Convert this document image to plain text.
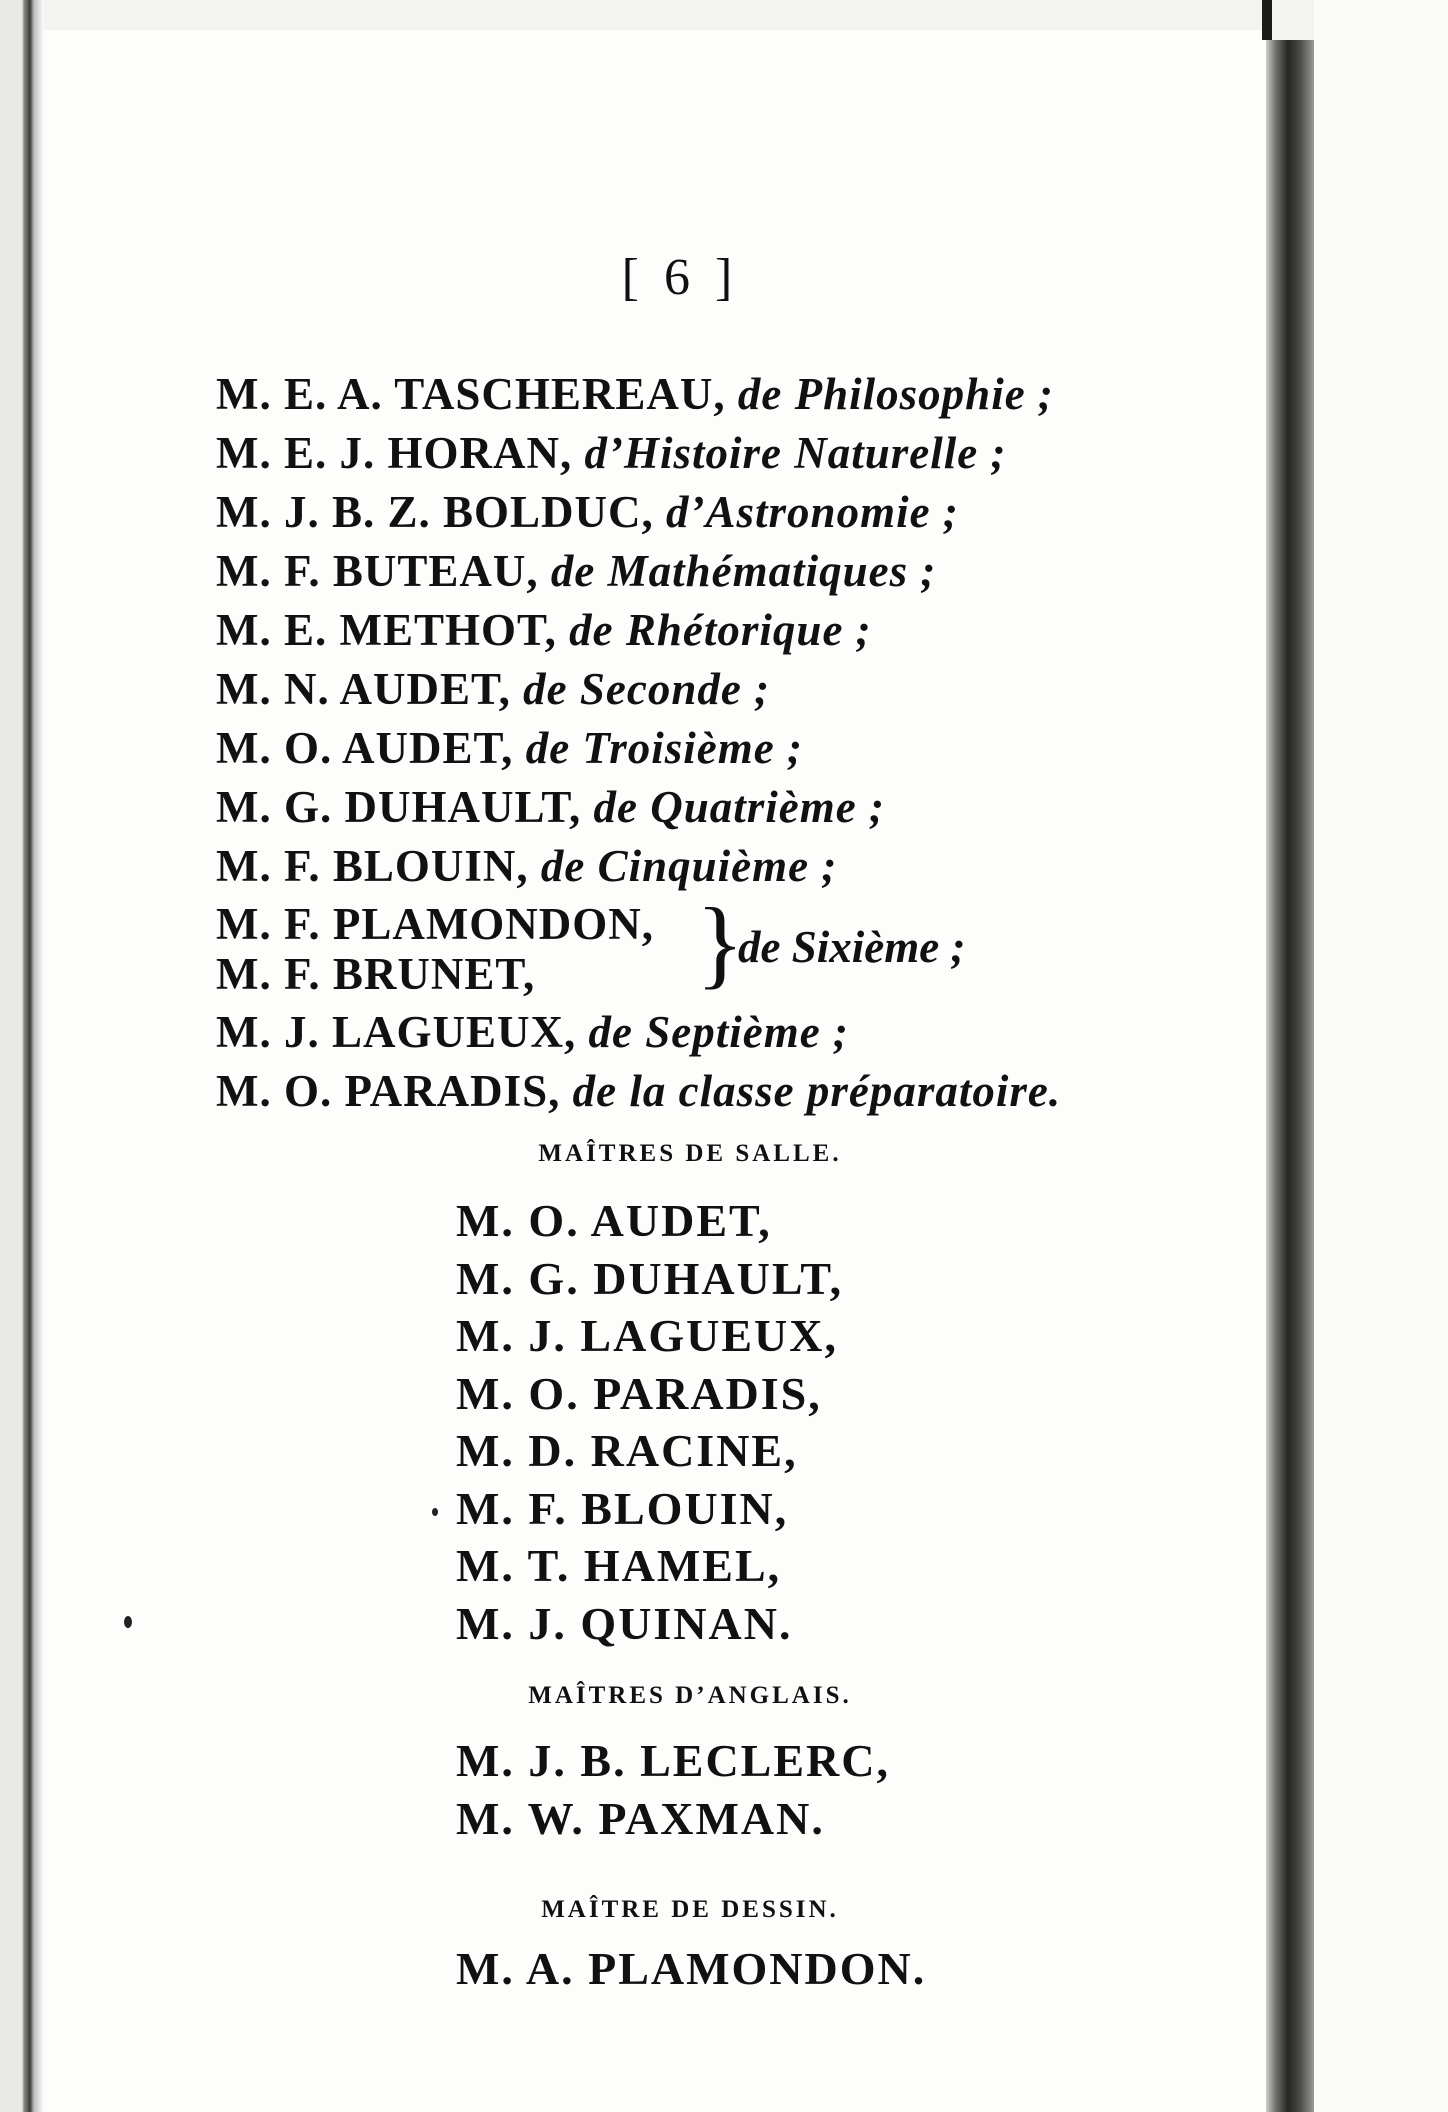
[ 6 ]
M. E. A. TASCHEREAU, de Philosophie ;
M. E. J. HORAN, d’Histoire Naturelle ;
M. J. B. Z. BOLDUC, d’Astronomie ;
M. F. BUTEAU, de Mathématiques ;
M. E. METHOT, de Rhétorique ;
M. N. AUDET, de Seconde ;
M. O. AUDET, de Troisième ;
M. G. DUHAULT, de Quatrième ;
M. F. BLOUIN, de Cinquième ;
M. F. PLAMONDON,
M. F. BRUNET,	}
de Sixième ;
M. J. LAGUEUX, de Septième ;
M. O. PARADIS, de la classe préparatoire.
MAÎTRES DE SALLE.
M. O. AUDET,
M. G. DUHAULT,
M. J. LAGUEUX,
M. O. PARADIS,
M. D. RACINE,
M. F. BLOUIN,
M. T. HAMEL,
M. J. QUINAN.
MAÎTRES D’ANGLAIS.
M. J. B. LECLERC,
M. W. PAXMAN.
MAÎTRE DE DESSIN.
M. A. PLAMONDON.
